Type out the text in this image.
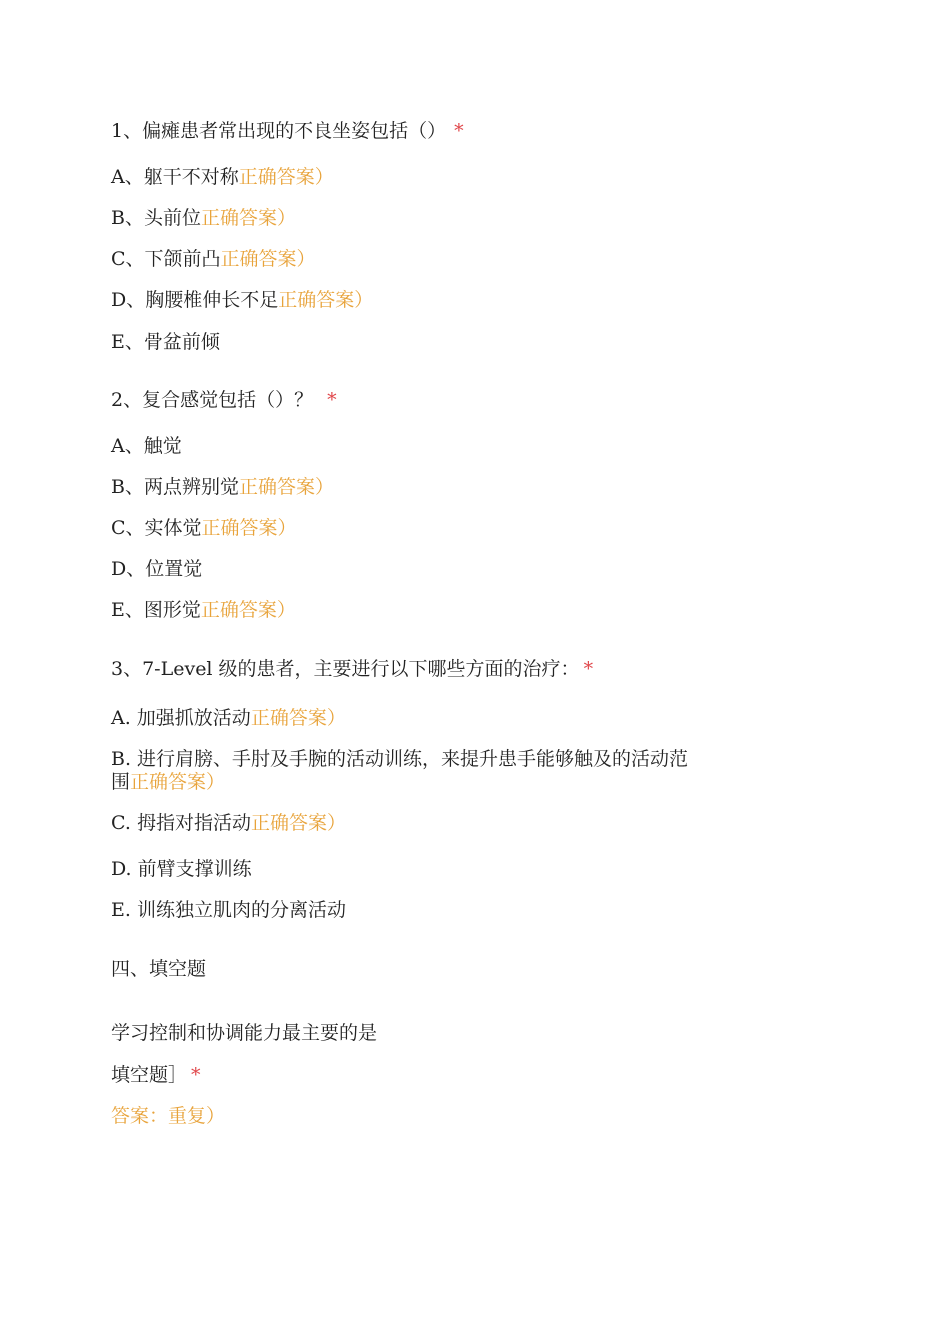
1、偏瘫患者常出现的不良坐姿包括（） *
A、躯干不对称正确答案）
B、头前位正确答案）
C、下颌前凸正确答案）
D、胸腰椎伸长不足正确答案）
E、骨盆前倾
2、复合感觉包括（）？ *
A、触觉
B、两点辨别觉正确答案）
C、实体觉正确答案）
D、位置觉
E、图形觉正确答案）
3、7-Level 级的患者，主要进行以下哪些方面的治疗： *
A. 加强抓放活动正确答案）
B. 进行肩膀、手肘及手腕的活动训练，来提升患手能够触及的活动范
围正确答案）
C. 拇指对指活动正确答案）
D. 前臂支撑训练
E. 训练独立肌肉的分离活动
四、填空题
学习控制和协调能力最主要的是
填空题］ *
答案：重复）
